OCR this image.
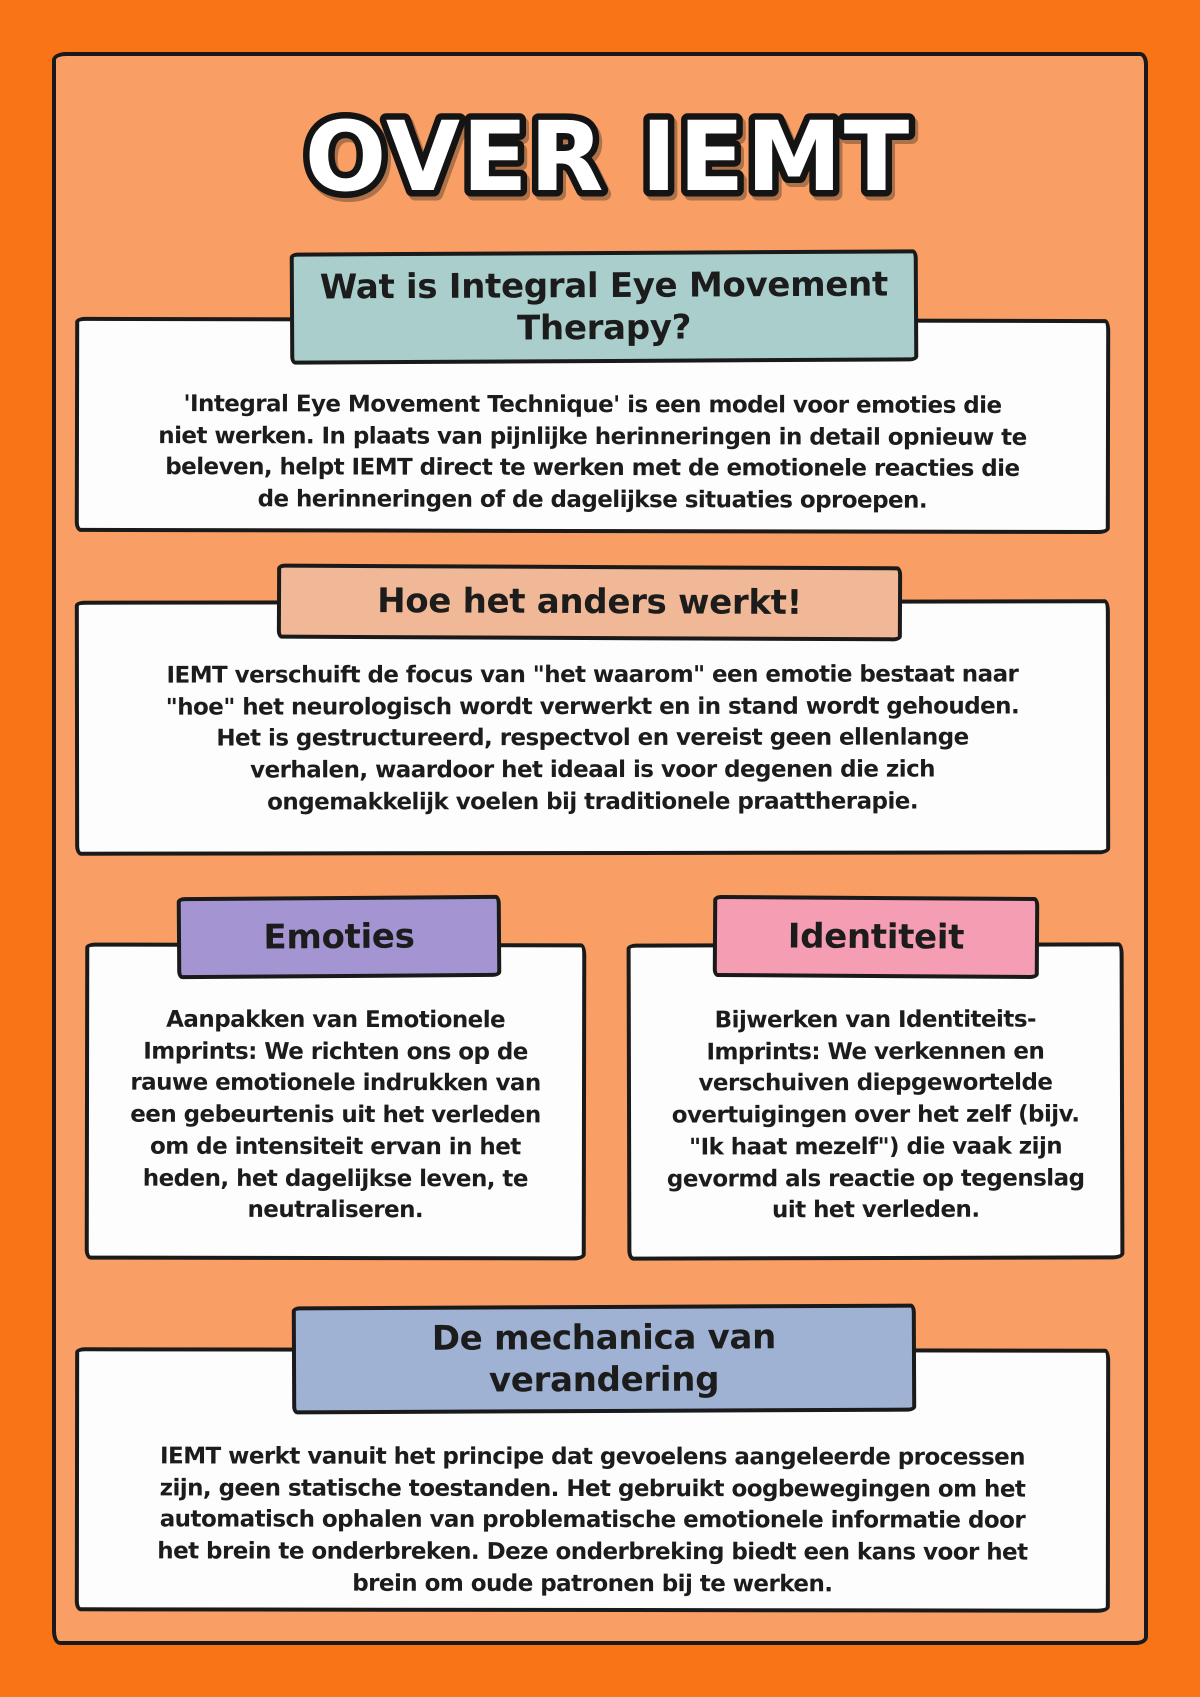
OVER IEMT
'Integral Eye Movement Technique' is een model voor emoties die
niet werken. In plaats van pijnlijke herinneringen in detail opnieuw te
beleven, helpt IEMT direct te werken met de emotionele reacties die
de herinneringen of de dagelijkse situaties oproepen.
Wat is Integral Eye Movement
Therapy?
IEMT verschuift de focus van "het waarom" een emotie bestaat naar
"hoe" het neurologisch wordt verwerkt en in stand wordt gehouden.
Het is gestructureerd, respectvol en vereist geen ellenlange
verhalen, waardoor het ideaal is voor degenen die zich
ongemakkelijk voelen bij traditionele praattherapie.
Hoe het anders werkt!
Aanpakken van Emotionele
Imprints: We richten ons op de
rauwe emotionele indrukken van
een gebeurtenis uit het verleden
om de intensiteit ervan in het
heden, het dagelijkse leven, te
neutraliseren.
Emoties
Bijwerken van Identiteits-
Imprints: We verkennen en
verschuiven diepgewortelde
overtuigingen over het zelf (bijv.
"Ik haat mezelf") die vaak zijn
gevormd als reactie op tegenslag
uit het verleden.
Identiteit
IEMT werkt vanuit het principe dat gevoelens aangeleerde processen
zijn, geen statische toestanden. Het gebruikt oogbewegingen om het
automatisch ophalen van problematische emotionele informatie door
het brein te onderbreken. Deze onderbreking biedt een kans voor het
brein om oude patronen bij te werken.
De mechanica van
verandering
